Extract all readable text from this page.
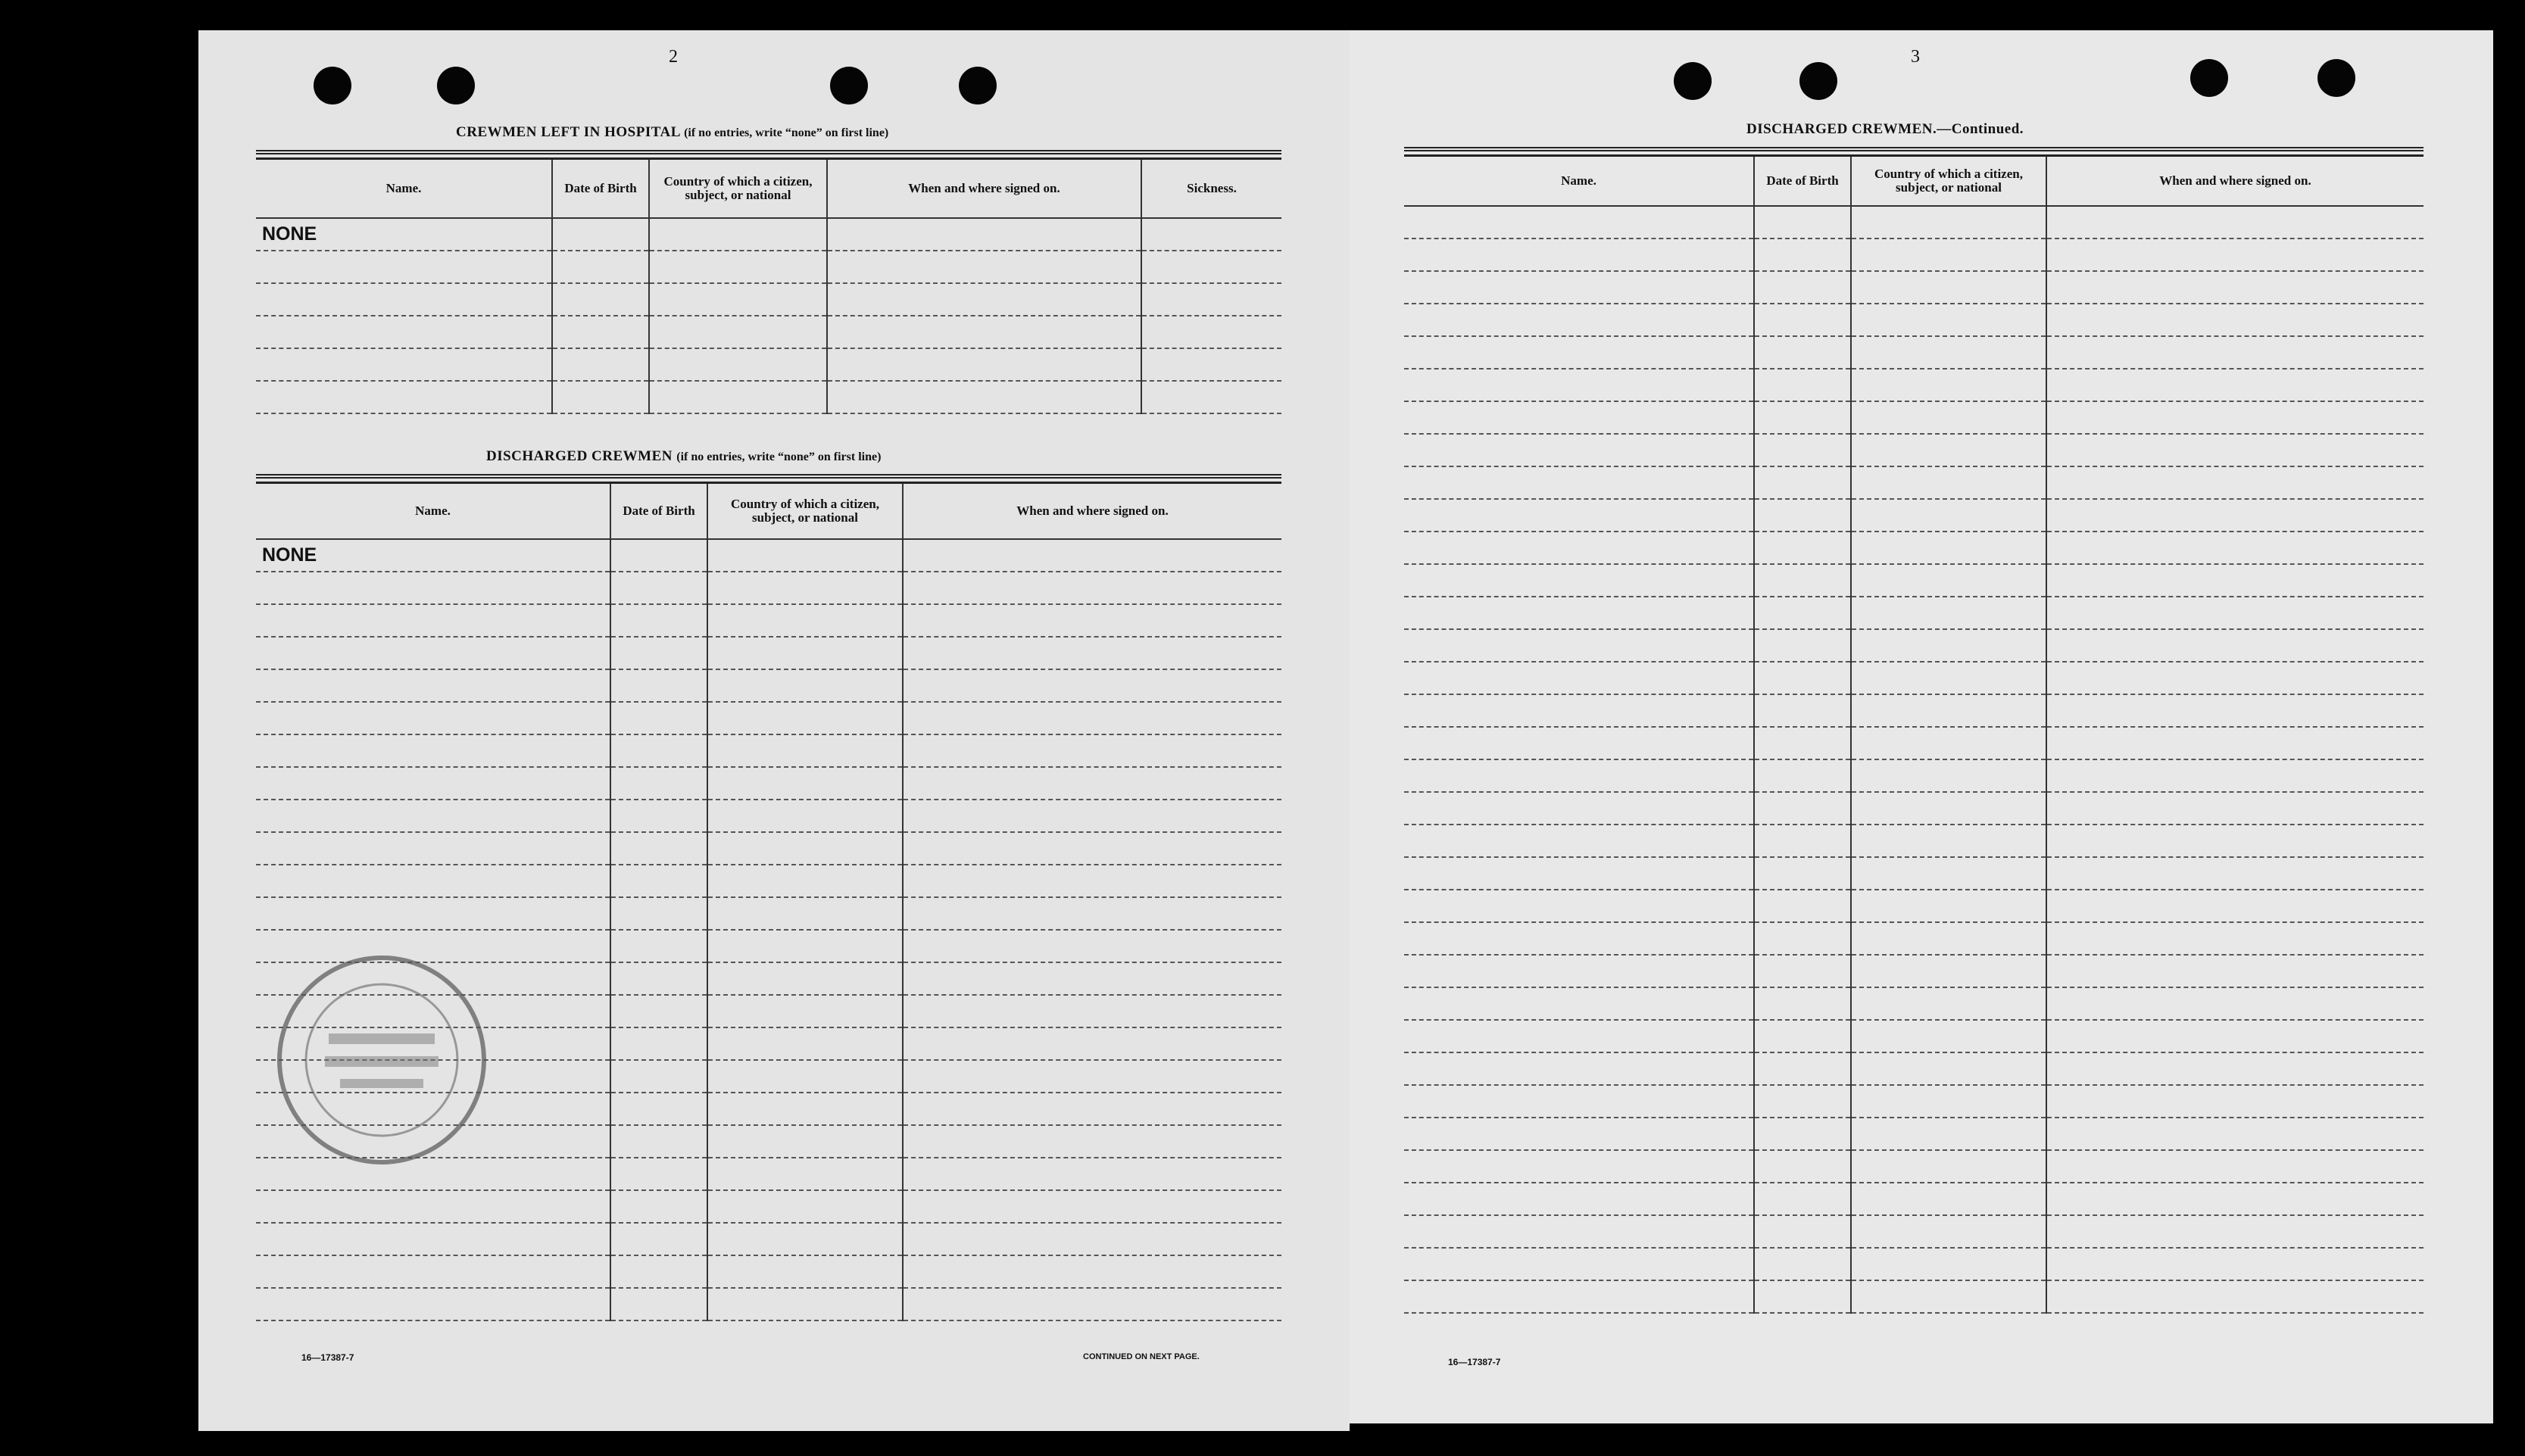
2
CREWMEN LEFT IN HOSPITAL (if no entries, write “none” on first line)
Name.	Date of Birth	Country of which a citizen, subject, or national	When and where signed on.	Sickness.
NONE				

DISCHARGED CREWMEN (if no entries, write “none” on first line)
Name.	Date of Birth	Country of which a citizen, subject, or national	When and where signed on.
NONE			

16—17387-7	CONTINUED ON NEXT PAGE.
3
DISCHARGED CREWMEN.—Continued.
Name.	Date of Birth	Country of which a citizen, subject, or national	When and where signed on.

16—17387-7
